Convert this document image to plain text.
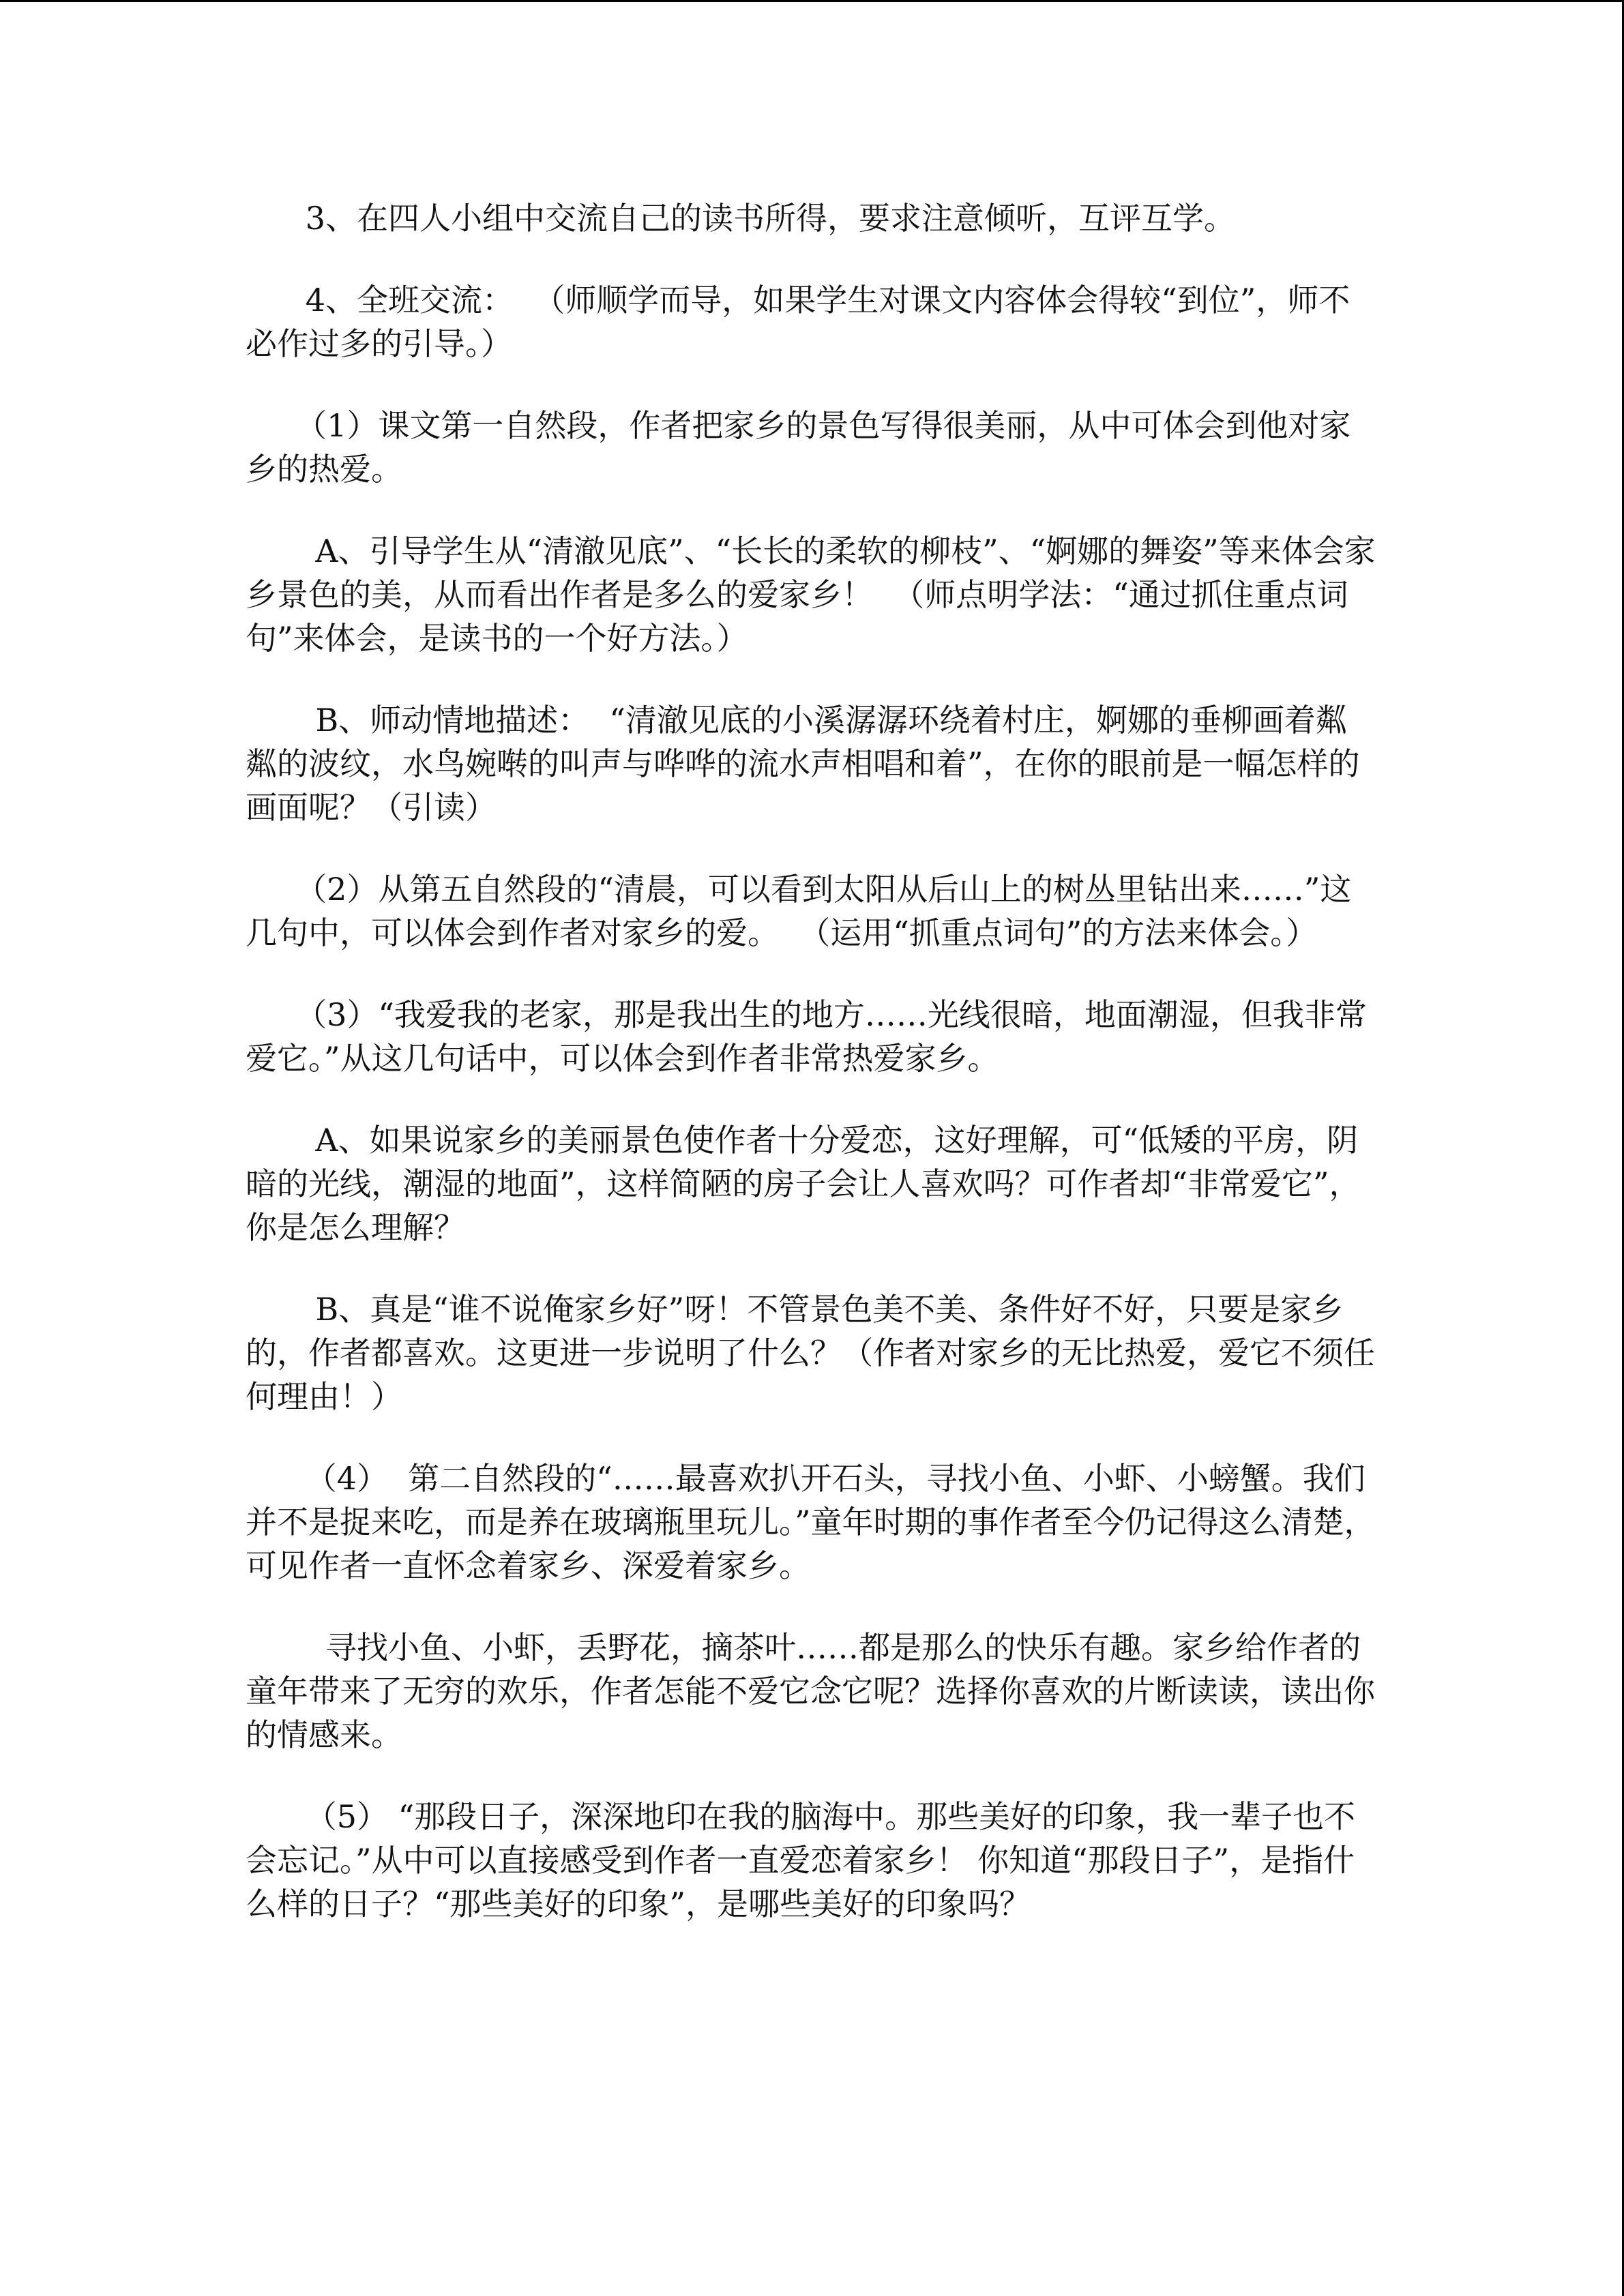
3、在四人小组中交流自己的读书所得，要求注意倾听，互评互学。

4、全班交流：  （师顺学而导，如果学生对课文内容体会得较“到位”，师不必作过多的引导。）

（1）课文第一自然段，作者把家乡的景色写得很美丽，从中可体会到他对家乡的热爱。

A、引导学生从“清澈见底”、“长长的柔软的柳枝”、“婀娜的舞姿”等来体会家乡景色的美，从而看出作者是多么的爱家乡！  （师点明学法：“通过抓住重点词句”来体会，是读书的一个好方法。）

B、师动情地描述：  “清澈见底的小溪潺潺环绕着村庄，婀娜的垂柳画着粼粼的波纹，水鸟婉啭的叫声与哗哗的流水声相唱和着”，在你的眼前是一幅怎样的画面呢？（引读）

（2）从第五自然段的“清晨，可以看到太阳从后山上的树丛里钻出来……”这几句中，可以体会到作者对家乡的爱。  （运用“抓重点词句”的方法来体会。）

（3）“我爱我的老家，那是我出生的地方……光线很暗，地面潮湿，但我非常爱它。”从这几句话中，可以体会到作者非常热爱家乡。

A、如果说家乡的美丽景色使作者十分爱恋，这好理解，可“低矮的平房，阴暗的光线，潮湿的地面”，这样简陋的房子会让人喜欢吗？可作者却“非常爱它”，你是怎么理解？

B、真是“谁不说俺家乡好”呀！不管景色美不美、条件好不好，只要是家乡的，作者都喜欢。这更进一步说明了什么？（作者对家乡的无比热爱，爱它不须任何理由！）

（4）  第二自然段的“……最喜欢扒开石头，寻找小鱼、小虾、小螃蟹。我们并不是捉来吃，而是养在玻璃瓶里玩儿。”童年时期的事作者至今仍记得这么清楚，可见作者一直怀念着家乡、深爱着家乡。

寻找小鱼、小虾，丢野花，摘茶叶……都是那么的快乐有趣。家乡给作者的童年带来了无穷的欢乐，作者怎能不爱它念它呢？选择你喜欢的片断读读，读出你的情感来。

（5） “那段日子，深深地印在我的脑海中。那些美好的印象，我一辈子也不会忘记。”从中可以直接感受到作者一直爱恋着家乡！ 你知道“那段日子”，是指什么样的日子？“那些美好的印象”，是哪些美好的印象吗？
